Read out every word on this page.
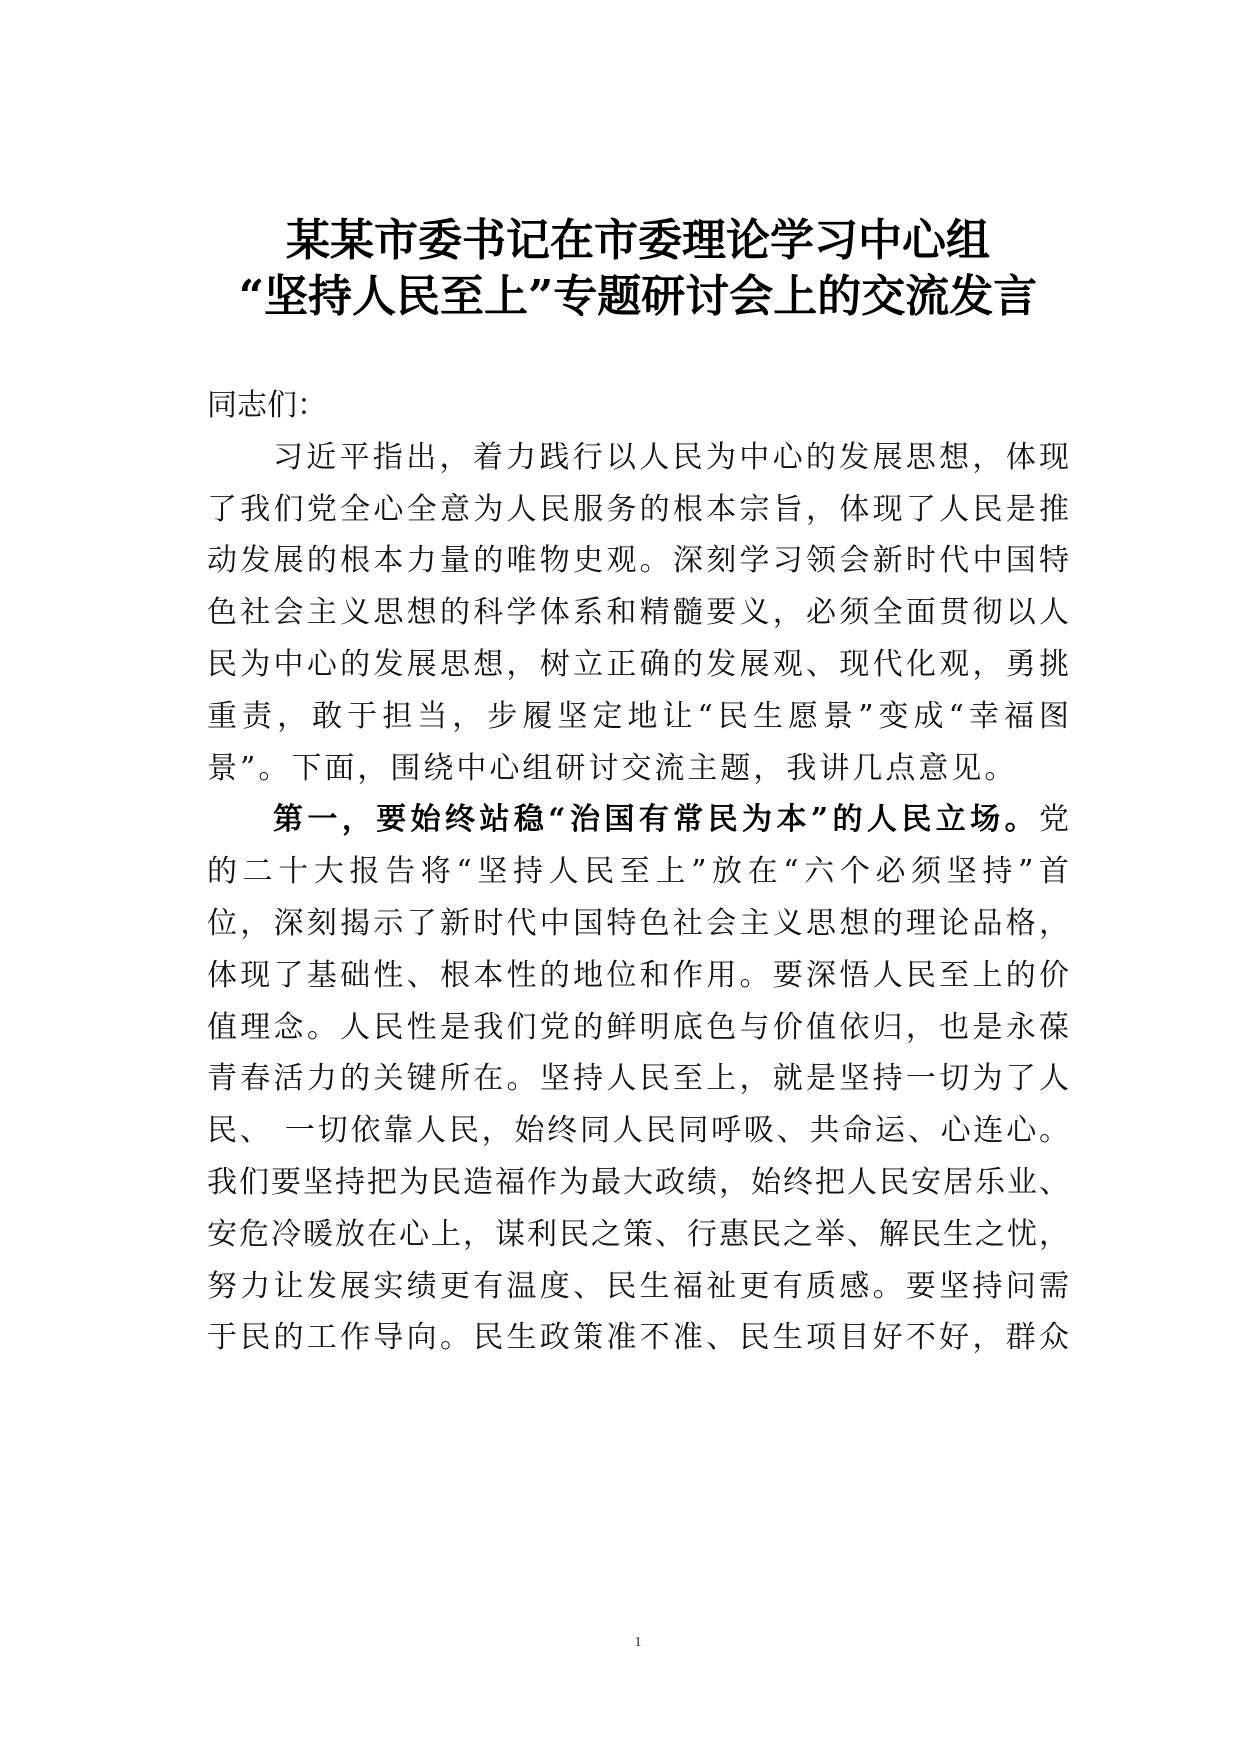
某某市委书记在市委理论学习中心组
“坚持人民至上”专题研讨会上的交流发言
同志们：
习近平指出，着力践行以人民为中心的发展思想，体现
了我们党全心全意为人民服务的根本宗旨，体现了人民是推
动发展的根本力量的唯物史观。深刻学习领会新时代中国特
色社会主义思想的科学体系和精髓要义，必须全面贯彻以人
民为中心的发展思想，树立正确的发展观、现代化观，勇挑
重责，敢于担当，步履坚定地让“民生愿景”变成“幸福图
景”。下面，围绕中心组研讨交流主题，我讲几点意见。
第一，要始终站稳“治国有常民为本”的人民立场。党
的二十大报告将“坚持人民至上”放在“六个必须坚持”首
位，深刻揭示了新时代中国特色社会主义思想的理论品格，
体现了基础性、根本性的地位和作用。要深悟人民至上的价
值理念。人民性是我们党的鲜明底色与价值依归，也是永葆
青春活力的关键所在。坚持人民至上，就是坚持一切为了人
民、 一切依靠人民，始终同人民同呼吸、共命运、心连心。
我们要坚持把为民造福作为最大政绩，始终把人民安居乐业、
安危冷暖放在心上，谋利民之策、行惠民之举、解民生之忧，
努力让发展实绩更有温度、民生福祉更有质感。要坚持问需
于民的工作导向。民生政策准不准、民生项目好不好，群众
1
